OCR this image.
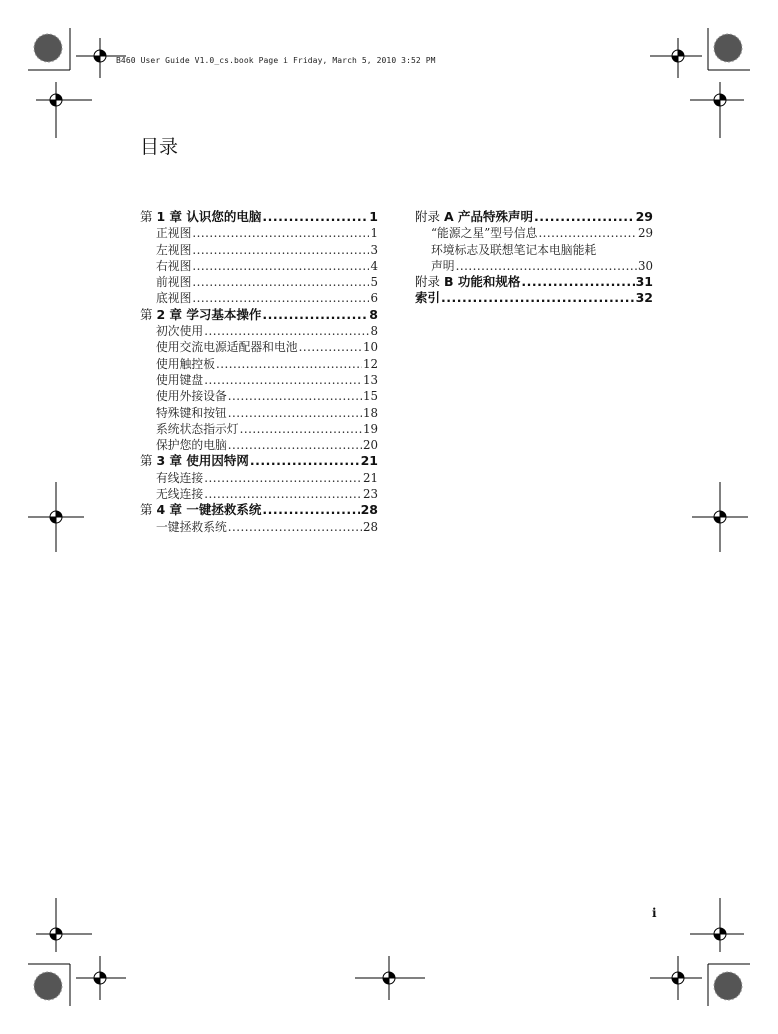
B460 User Guide V1.0_cs.book Page i Friday, March 5, 2010 3:52 PM
目录
第 1 章 认识您的电脑 .....	1
正视图 .....	1
左视图 .....	3
右视图 .....	4
前视图 .....	5
底视图 .....	6
第 2 章 学习基本操作 .....	8
初次使用 .....	8
使用交流电源适配器和电池 .....	10
使用触控板 .....	12
使用键盘 .....	13
使用外接设备 .....	15
特殊键和按钮 .....	18
系统状态指示灯 .....	19
保护您的电脑 .....	20
第 3 章 使用因特网 .....	21
有线连接 .....	21
无线连接 .....	23
第 4 章 一键拯救系统 .....	28
一键拯救系统 .....	28
附录 A 产品特殊声明 .....	29
“能源之星”型号信息 .....	29
环境标志及联想笔记本电脑能耗
声明 .....	30
附录 B 功能和规格 .....	31
索引 .....	32
i
